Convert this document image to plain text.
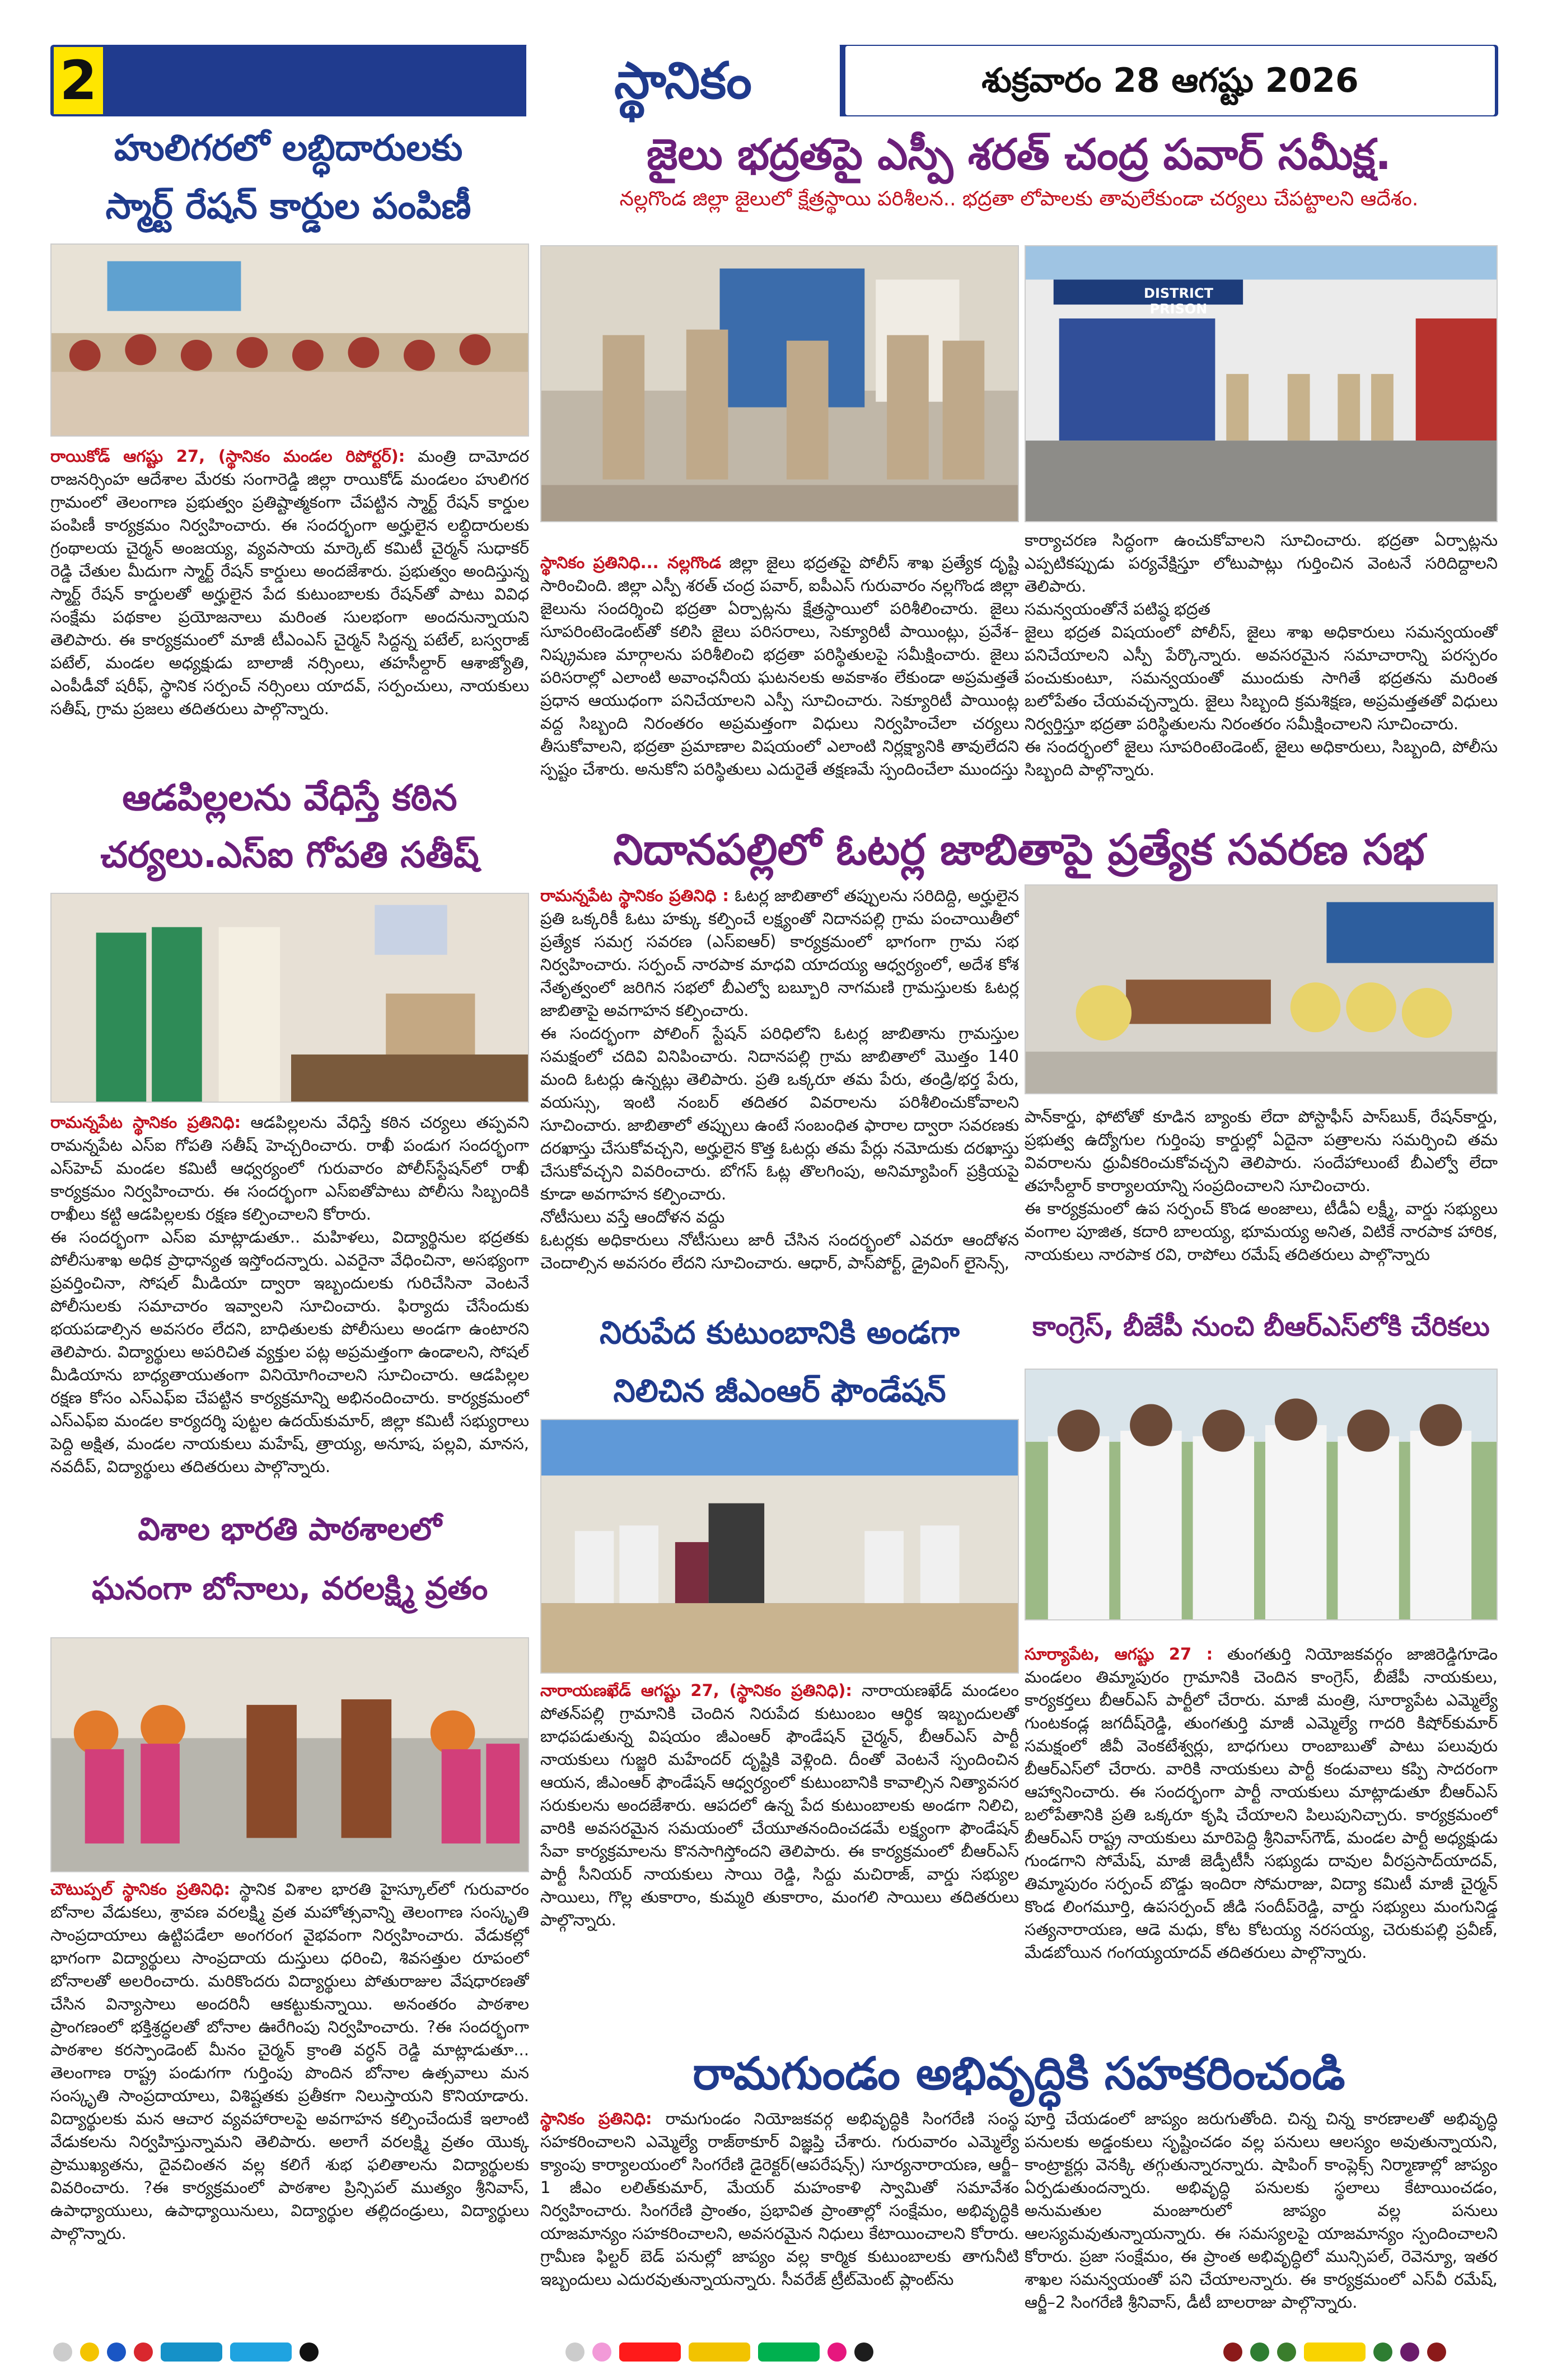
2	స్థానికం	శుక్రవారం 28 ఆగష్టు 2026
హులిగరలో లబ్ధిదారులకు
స్మార్ట్ రేషన్ కార్డుల పంపిణీ
రాయికోడ్ ఆగష్టు 27, (స్థానికం మండల రిపోర్టర్): మంత్రి దామోదర రాజనర్సింహ ఆదేశాల మేరకు సంగారెడ్డి జిల్లా రాయికోడ్ మండలం హులిగర గ్రామంలో తెలంగాణ ప్రభుత్వం ప్రతిష్టాత్మకంగా చేపట్టిన స్మార్ట్ రేషన్ కార్డుల పంపిణీ కార్యక్రమం నిర్వహించారు. ఈ సందర్భంగా అర్హులైన లబ్ధిదారులకు గ్రంథాలయ చైర్మన్ అంజయ్య, వ్యవసాయ మార్కెట్ కమిటీ చైర్మన్ సుధాకర్ రెడ్డి చేతుల మీదుగా స్మార్ట్ రేషన్ కార్డులు అందజేశారు. ప్రభుత్వం అందిస్తున్న స్మార్ట్ రేషన్ కార్డులతో అర్హులైన పేద కుటుంబాలకు రేషన్‌తో పాటు వివిధ సంక్షేమ పథకాల ప్రయోజనాలు మరింత సులభంగా అందనున్నాయని తెలిపారు. ఈ కార్యక్రమంలో మాజీ టీఎంఎస్ చైర్మన్ సిద్దన్న పటేల్, బస్వరాజ్ పటేల్, మండల అధ్యక్షుడు బాలాజీ నర్సింలు, తహసీల్దార్ ఆశాజ్యోతి, ఎంపీడీవో షరీఫ్, స్థానిక సర్పంచ్ నర్సింలు యాదవ్, సర్పంచులు, నాయకులు సతీష్, గ్రామ ప్రజలు తదితరులు పాల్గొన్నారు.
జైలు భద్రతపై ఎస్పీ శరత్ చంద్ర పవార్ సమీక్ష.
నల్లగొండ జిల్లా జైలులో క్షేత్రస్థాయి పరిశీలన.. భద్రతా లోపాలకు తావులేకుండా చర్యలు చేపట్టాలని ఆదేశం.
DISTRICT PRISON
స్థానికం ప్రతినిధి... నల్లగొండ జిల్లా జైలు భద్రతపై పోలీస్ శాఖ ప్రత్యేక దృష్టి సారించింది. జిల్లా ఎస్పీ శరత్ చంద్ర పవార్, ఐపీఎస్ గురువారం నల్లగొండ జిల్లా జైలును సందర్శించి భద్రతా ఏర్పాట్లను క్షేత్రస్థాయిలో పరిశీలించారు. జైలు సూపరింటెండెంట్‌తో కలిసి జైలు పరిసరాలు, సెక్యూరిటీ పాయింట్లు, ప్రవేశ–నిష్క్రమణ మార్గాలను పరిశీలించి భద్రతా పరిస్థితులపై సమీక్షించారు. జైలు పరిసరాల్లో ఎలాంటి అవాంఛనీయ ఘటనలకు అవకాశం లేకుండా అప్రమత్తతే ప్రధాన ఆయుధంగా పనిచేయాలని ఎస్పీ సూచించారు. సెక్యూరిటీ పాయింట్ల వద్ద సిబ్బంది నిరంతరం అప్రమత్తంగా విధులు నిర్వహించేలా చర్యలు తీసుకోవాలని, భద్రతా ప్రమాణాల విషయంలో ఎలాంటి నిర్లక్ష్యానికి తావులేదని స్పష్టం చేశారు. అనుకోని పరిస్థితులు ఎదురైతే తక్షణమే స్పందించేలా ముందస్తు
కార్యాచరణ సిద్ధంగా ఉంచుకోవాలని సూచించారు. భద్రతా ఏర్పాట్లను ఎప్పటికప్పుడు పర్యవేక్షిస్తూ లోటుపాట్లు గుర్తించిన వెంటనే సరిదిద్దాలని తెలిపారు.
సమన్వయంతోనే పటిష్ఠ భద్రత
జైలు భద్రత విషయంలో పోలీస్, జైలు శాఖ అధికారులు సమన్వయంతో పనిచేయాలని ఎస్పీ పేర్కొన్నారు. అవసరమైన సమాచారాన్ని పరస్పరం పంచుకుంటూ, సమన్వయంతో ముందుకు సాగితే భద్రతను మరింత బలోపేతం చేయవచ్చన్నారు. జైలు సిబ్బంది క్రమశిక్షణ, అప్రమత్తతతో విధులు నిర్వర్తిస్తూ భద్రతా పరిస్థితులను నిరంతరం సమీక్షించాలని సూచించారు.
ఈ సందర్భంలో జైలు సూపరింటెండెంట్, జైలు అధికారులు, సిబ్బంది, పోలీసు సిబ్బంది పాల్గొన్నారు.
ఆడపిల్లలను వేధిస్తే కఠిన
చర్యలు.ఎస్ఐ గోపతి సతీష్
రామన్నపేట స్థానికం ప్రతినిధి: ఆడపిల్లలను వేధిస్తే కఠిన చర్యలు తప్పవని రామన్నపేట ఎస్ఐ గోపతి సతీష్ హెచ్చరించారు. రాఖీ పండుగ సందర్భంగా ఎస్‌హెచ్ మండల కమిటీ ఆధ్వర్యంలో గురువారం పోలీస్‌స్టేషన్‌లో రాఖీ కార్యక్రమం నిర్వహించారు. ఈ సందర్భంగా ఎస్ఐతోపాటు పోలీసు సిబ్బందికి రాఖీలు కట్టి ఆడపిల్లలకు రక్షణ కల్పించాలని కోరారు.
ఈ సందర్భంగా ఎస్ఐ మాట్లాడుతూ.. మహిళలు, విద్యార్థినుల భద్రతకు పోలీసుశాఖ అధిక ప్రాధాన్యత ఇస్తోందన్నారు. ఎవరైనా వేధించినా, అసభ్యంగా ప్రవర్తించినా, సోషల్ మీడియా ద్వారా ఇబ్బందులకు గురిచేసినా వెంటనే పోలీసులకు సమాచారం ఇవ్వాలని సూచించారు. ఫిర్యాదు చేసేందుకు భయపడాల్సిన అవసరం లేదని, బాధితులకు పోలీసులు అండగా ఉంటారని తెలిపారు. విద్యార్థులు అపరిచిత వ్యక్తుల పట్ల అప్రమత్తంగా ఉండాలని, సోషల్ మీడియాను బాధ్యతాయుతంగా వినియోగించాలని సూచించారు. ఆడపిల్లల రక్షణ కోసం ఎస్ఎఫ్ఐ చేపట్టిన కార్యక్రమాన్ని అభినందించారు. కార్యక్రమంలో ఎస్ఎఫ్ఐ మండల కార్యదర్శి పుట్టల ఉదయ్‌కుమార్, జిల్లా కమిటీ సభ్యురాలు పెద్ది అక్షిత, మండల నాయకులు మహేష్, త్రాయ్య, అనూష, పల్లవి, మానస, నవదీప్, విద్యార్థులు తదితరులు పాల్గొన్నారు.
నిదానపల్లిలో ఓటర్ల జాబితాపై ప్రత్యేక సవరణ సభ
రామన్నపేట స్థానికం ప్రతినిధి : ఓటర్ల జాబితాలో తప్పులను సరిదిద్ది, అర్హులైన ప్రతి ఒక్కరికీ ఓటు హక్కు కల్పించే లక్ష్యంతో నిదానపల్లి గ్రామ పంచాయితీలో ప్రత్యేక సమగ్ర సవరణ (ఎస్ఐఆర్) కార్యక్రమంలో భాగంగా గ్రామ సభ నిర్వహించారు. సర్పంచ్ నారపాక మాధవి యాదయ్య ఆధ్వర్యంలో, అదేశ కోశ నేతృత్వంలో జరిగిన సభలో బీఎల్వో బబ్బూరి నాగమణి గ్రామస్తులకు ఓటర్ల జాబితాపై అవగాహన కల్పించారు.
ఈ సందర్భంగా పోలింగ్ స్టేషన్ పరిధిలోని ఓటర్ల జాబితాను గ్రామస్తుల సమక్షంలో చదివి వినిపించారు. నిదానపల్లి గ్రామ జాబితాలో మొత్తం 140 మంది ఓటర్లు ఉన్నట్లు తెలిపారు. ప్రతి ఒక్కరూ తమ పేరు, తండ్రి/భర్త పేరు, వయస్సు, ఇంటి నంబర్ తదితర వివరాలను పరిశీలించుకోవాలని సూచించారు. జాబితాలో తప్పులు ఉంటే సంబంధిత ఫారాల ద్వారా సవరణకు దరఖాస్తు చేసుకోవచ్చని, అర్హులైన కొత్త ఓటర్లు తమ పేర్లు నమోదుకు దరఖాస్తు చేసుకోవచ్చని వివరించారు. బోగస్ ఓట్ల తొలగింపు, అనిమ్యాపింగ్ ప్రక్రియపై కూడా అవగాహన కల్పించారు.
నోటీసులు వస్తే ఆందోళన వద్దు
ఓటర్లకు అధికారులు నోటీసులు జారీ చేసిన సందర్భంలో ఎవరూ ఆందోళన చెందాల్సిన అవసరం లేదని సూచించారు. ఆధార్, పాస్‌పోర్ట్, డ్రైవింగ్ లైసెన్స్,
పాన్‌కార్డు, ఫోటోతో కూడిన బ్యాంకు లేదా పోస్టాఫీస్ పాస్‌బుక్, రేషన్‌కార్డు, ప్రభుత్వ ఉద్యోగుల గుర్తింపు కార్డుల్లో ఏదైనా పత్రాలను సమర్పించి తమ వివరాలను ధ్రువీకరించుకోవచ్చని తెలిపారు. సందేహాలుంటే బీఎల్వో లేదా తహసీల్దార్ కార్యాలయాన్ని సంప్రదించాలని సూచించారు.
ఈ కార్యక్రమంలో ఉప సర్పంచ్ కొండ అంజాలు, టీడీఏ లక్ష్మీ, వార్డు సభ్యులు వంగాల పూజిత, కదారి బాలయ్య, భూమయ్య అనిత, విటికే నారపాక హారిక, నాయకులు నారపాక రవి, రాపోలు రమేష్ తదితరులు పాల్గొన్నారు
విశాల భారతి పాఠశాలలో
ఘనంగా బోనాలు, వరలక్ష్మి వ్రతం
చౌటుప్పల్ స్థానికం ప్రతినిధి: స్థానిక విశాల భారతి హైస్కూల్‌లో గురువారం బోనాల వేడుకలు, శ్రావణ వరలక్ష్మి వ్రత మహోత్సవాన్ని తెలంగాణ సంస్కృతి సాంప్రదాయాలు ఉట్టిపడేలా అంగరంగ వైభవంగా నిర్వహించారు. వేడుకల్లో భాగంగా విద్యార్థులు సాంప్రదాయ దుస్తులు ధరించి, శివసత్తుల రూపంలో బోనాలతో అలరించారు. మరికొందరు విద్యార్థులు పోతురాజుల వేషధారణతో చేసిన విన్యాసాలు అందరినీ ఆకట్టుకున్నాయి. అనంతరం పాఠశాల ప్రాంగణంలో భక్తిశ్రద్ధలతో బోనాల ఊరేగింపు నిర్వహించారు. ?ఈ సందర్భంగా పాఠశాల కరస్పాండెంట్ మీనం చైర్మన్ క్రాంతి వర్ధన్ రెడ్డి మాట్లాడుతూ... తెలంగాణ రాష్ట్ర పండుగగా గుర్తింపు పొందిన బోనాల ఉత్సవాలు మన సంస్కృతి సాంప్రదాయాలు, విశిష్టతకు ప్రతీకగా నిలుస్తాయని కొనియాడారు. విద్యార్థులకు మన ఆచార వ్యవహారాలపై అవగాహన కల్పించేందుకే ఇలాంటి వేడుకలను నిర్వహిస్తున్నామని తెలిపారు. అలాగే వరలక్ష్మి వ్రతం యొక్క ప్రాముఖ్యతను, దైవచింతన వల్ల కలిగే శుభ ఫలితాలను విద్యార్థులకు వివరించారు. ?ఈ కార్యక్రమంలో పాఠశాల ప్రిన్సిపల్ ముత్యం శ్రీనివాస్, ఉపాధ్యాయులు, ఉపాధ్యాయినులు, విద్యార్థుల తల్లిదండ్రులు, విద్యార్థులు పాల్గొన్నారు.
నిరుపేద కుటుంబానికి అండగా
నిలిచిన జీఎంఆర్ ఫౌండేషన్
నారాయణఖేడ్ ఆగష్టు 27, (స్థానికం ప్రతినిధి): నారాయణఖేడ్ మండలం పోతన్‌పల్లి గ్రామానికి చెందిన నిరుపేద కుటుంబం ఆర్థిక ఇబ్బందులతో బాధపడుతున్న విషయం జీఎంఆర్ ఫౌండేషన్ చైర్మన్, బీఆర్ఎస్ పార్టీ నాయకులు గుజ్జరి మహేందర్ దృష్టికి వెళ్లింది. దీంతో వెంటనే స్పందించిన ఆయన, జీఎంఆర్ ఫౌండేషన్ ఆధ్వర్యంలో కుటుంబానికి కావాల్సిన నిత్యావసర సరుకులను అందజేశారు. ఆపదలో ఉన్న పేద కుటుంబాలకు అండగా నిలిచి, వారికి అవసరమైన సమయంలో చేయూతనందించడమే లక్ష్యంగా ఫౌండేషన్ సేవా కార్యక్రమాలను కొనసాగిస్తోందని తెలిపారు. ఈ కార్యక్రమంలో బీఆర్ఎస్ పార్టీ సీనియర్ నాయకులు సాయి రెడ్డి, సిద్దు మచిరాజ్, వార్డు సభ్యుల సాయిలు, గొల్ల తుకారాం, కుమ్మరి తుకారాం, మంగలి సాయిలు తదితరులు పాల్గొన్నారు.
కాంగ్రెస్, బీజేపీ నుంచి బీఆర్ఎస్‌లోకి చేరికలు
సూర్యాపేట, ఆగష్టు 27 : తుంగతుర్తి నియోజకవర్గం జాజిరెడ్డిగూడెం మండలం తిమ్మాపురం గ్రామానికి చెందిన కాంగ్రెస్, బీజేపీ నాయకులు, కార్యకర్తలు బీఆర్ఎస్ పార్టీలో చేరారు. మాజీ మంత్రి, సూర్యాపేట ఎమ్మెల్యే గుంటకండ్ల జగదీష్‌రెడ్డి, తుంగతుర్తి మాజీ ఎమ్మెల్యే గాదరి కిషోర్‌కుమార్ సమక్షంలో జీవీ వెంకటేశ్వర్లు, బాధగులు రాంబాబుతో పాటు పలువురు బీఆర్ఎస్‌లో చేరారు. వారికి నాయకులు పార్టీ కండువాలు కప్పి సాదరంగా ఆహ్వానించారు. ఈ సందర్భంగా పార్టీ నాయకులు మాట్లాడుతూ బీఆర్ఎస్ బలోపేతానికి ప్రతి ఒక్కరూ కృషి చేయాలని పిలుపునిచ్చారు. కార్యక్రమంలో బీఆర్ఎస్ రాష్ట్ర నాయకులు మారిపెద్ది శ్రీనివాస్‌గౌడ్, మండల పార్టీ అధ్యక్షుడు గుండగాని సోమేష్, మాజీ జెడ్పీటీసీ సభ్యుడు దావుల వీరప్రసాద్‌యాదవ్, తిమ్మాపురం సర్పంచ్ బొడ్డు ఇందిరా సోమరాజు, విద్యా కమిటీ మాజీ చైర్మన్ కొండ లింగమూర్తి, ఉపసర్పంచ్ జీడి సందీప్‌రెడ్డి, వార్డు సభ్యులు మంగునిడ్డ సత్యనారాయణ, ఆడె మధు, కోట కోటయ్య నరసయ్య, చెరుకుపల్లి ప్రవీణ్, మేడబోయిన గంగయ్యయాదవ్ తదితరులు పాల్గొన్నారు.
రామగుండం అభివృద్ధికి సహకరించండి
స్థానికం ప్రతినిధి: రామగుండం నియోజకవర్గ అభివృద్ధికి సింగరేణి సంస్థ సహకరించాలని ఎమ్మెల్యే రాజ్‌ఠాకూర్ విజ్ఞప్తి చేశారు. గురువారం ఎమ్మెల్యే క్యాంపు కార్యాలయంలో సింగరేణి డైరెక్టర్(ఆపరేషన్స్) సూర్యనారాయణ, ఆర్జీ–1 జీఎం లలిత్‌కుమార్, మేయర్ మహంకాళి స్వామితో సమావేశం నిర్వహించారు. సింగరేణి ప్రాంతం, ప్రభావిత ప్రాంతాల్లో సంక్షేమం, అభివృద్ధికి యాజమాన్యం సహకరించాలని, అవసరమైన నిధులు కేటాయించాలని కోరారు. గ్రామీణ ఫిల్టర్ బెడ్ పనుల్లో జాప్యం వల్ల కార్మిక కుటుంబాలకు తాగునీటి ఇబ్బందులు ఎదురవుతున్నాయన్నారు. సీవరేజ్ ట్రీట్‌మెంట్ ప్లాంట్‌ను
పూర్తి చేయడంలో జాప్యం జరుగుతోంది. చిన్న చిన్న కారణాలతో అభివృద్ధి పనులకు అడ్డంకులు సృష్టించడం వల్ల పనులు ఆలస్యం అవుతున్నాయని, కాంట్రాక్టర్లు వెనక్కి తగ్గుతున్నారన్నారు. షాపింగ్ కాంప్లెక్స్ నిర్మాణాల్లో జాప్యం ఏర్పడుతుందన్నారు. అభివృద్ధి పనులకు స్థలాలు కేటాయించడం, అనుమతుల మంజూరులో జాప్యం వల్ల పనులు ఆలస్యమవుతున్నాయన్నారు. ఈ సమస్యలపై యాజమాన్యం స్పందించాలని కోరారు. ప్రజా సంక్షేమం, ఈ ప్రాంత అభివృద్ధిలో మున్సిపల్, రెవెన్యూ, ఇతర శాఖల సమన్వయంతో పని చేయాలన్నారు. ఈ కార్యక్రమంలో ఎస్‌వీ రమేష్, ఆర్జీ–2 సింగరేణి శ్రీనివాస్, డీటీ బాలరాజు పాల్గొన్నారు.
